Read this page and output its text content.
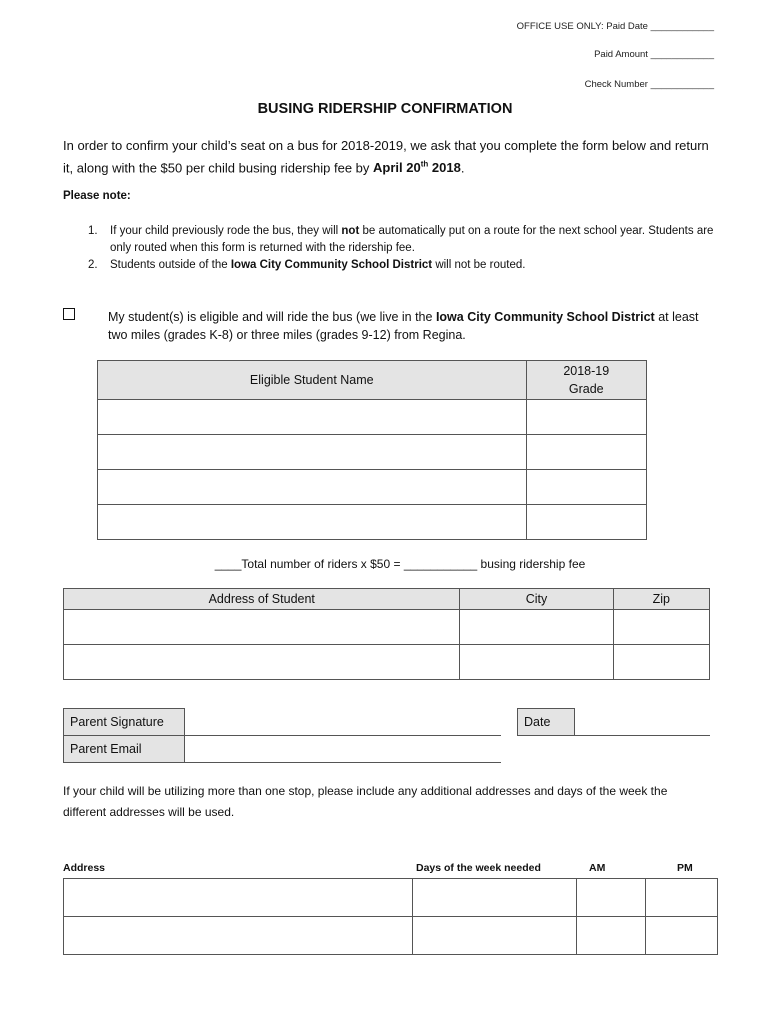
OFFICE USE ONLY: Paid Date ____________
Paid Amount ____________
Check Number ____________
BUSING RIDERSHIP CONFIRMATION
In order to confirm your child’s seat on a bus for 2018-2019, we ask that you complete the form below and return it, along with the $50 per child busing ridership fee by April 20th 2018.
Please note:
1.	If your child previously rode the bus, they will not be automatically put on a route for the next school year. Students are only routed when this form is returned with the ridership fee.
2.	Students outside of the Iowa City Community School District will not be routed.
My student(s) is eligible and will ride the bus (we live in the Iowa City Community School District at least two miles (grades K-8) or three miles (grades 9-12) from Regina.
Eligible Student Name	2018-19
Grade

____Total number of riders x $50 = ___________ busing ridership fee
Address of Student	City	Zip

Parent Signature
Parent Email
Date
If your child will be utilizing more than one stop, please include any additional addresses and days of the week the different addresses will be used.
Address	Days of the week needed	AM	PM
